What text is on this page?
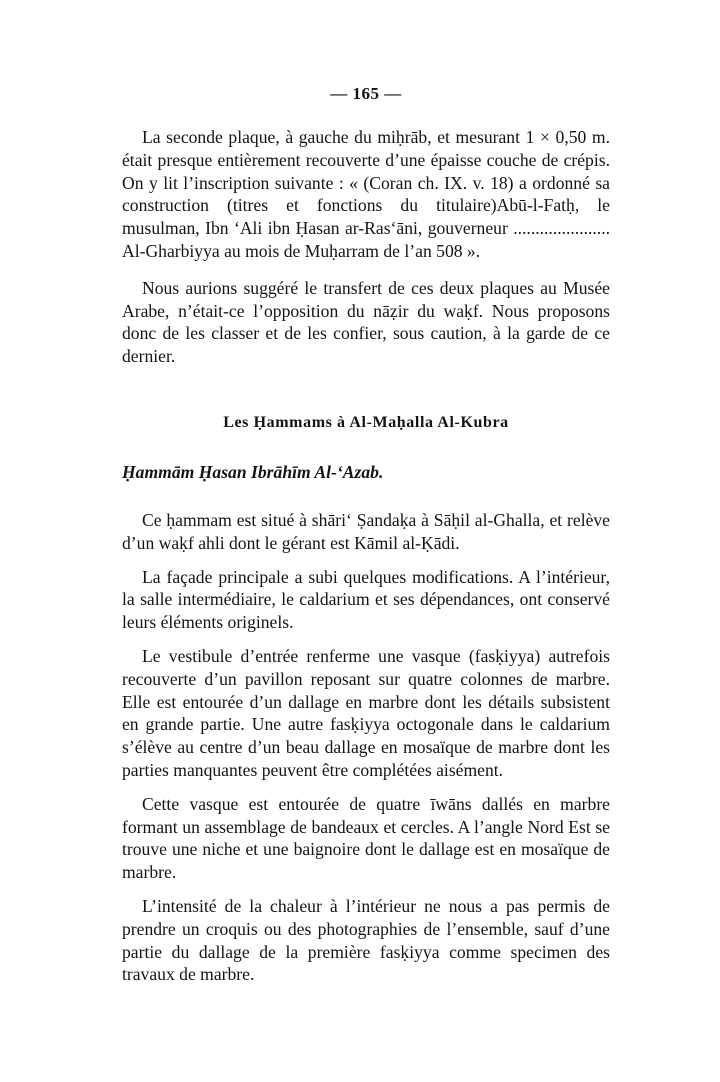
— 165 —

La seconde plaque, à gauche du miḥrāb, et mesurant 1 × 0,50 m. était presque entièrement recouverte d’une épaisse couche de crépis. On y lit l’inscription suivante : « (Coran ch. IX. v. 18) a ordonné sa construction (titres et fonctions du titulaire)Abū-l-Fatḥ, le musulman, Ibn ‘Ali ibn Ḥasan ar-Ras‘āni, gouverneur ...................... Al-Gharbiyya au mois de Muḥarram de l’an 508 ».

Nous aurions suggéré le transfert de ces deux plaques au Musée Arabe, n’était-ce l’opposition du nāẓir du waḳf. Nous proposons donc de les classer et de les confier, sous caution, à la garde de ce dernier.

Les Ḥammams à Al-Maḥalla Al-Kubra
Ḥammām Ḥasan Ibrāhīm Al-‘Azab.

Ce ḥammam est situé à shāri‘ Ṣandaḳa à Sāḥil al-Ghalla, et relève d’un waḳf ahli dont le gérant est Kāmil al-Ḳādi.

La façade principale a subi quelques modifications. A l’intérieur, la salle intermédiaire, le caldarium et ses dépendances, ont conservé leurs éléments originels.

Le vestibule d’entrée renferme une vasque (fasḳiyya) autrefois recouverte d’un pavillon reposant sur quatre colonnes de marbre. Elle est entourée d’un dallage en marbre dont les détails subsistent en grande partie. Une autre fasḳiyya octogonale dans le caldarium s’élève au centre d’un beau dallage en mosaïque de marbre dont les parties manquantes peuvent être complétées aisément.

Cette vasque est entourée de quatre īwāns dallés en marbre formant un assemblage de bandeaux et cercles. A l’angle Nord Est se trouve une niche et une baignoire dont le dallage est en mosaïque de marbre.

L’intensité de la chaleur à l’intérieur ne nous a pas permis de prendre un croquis ou des photographies de l’ensemble, sauf d’une partie du dallage de la première fasḳiyya comme specimen des travaux de marbre.
